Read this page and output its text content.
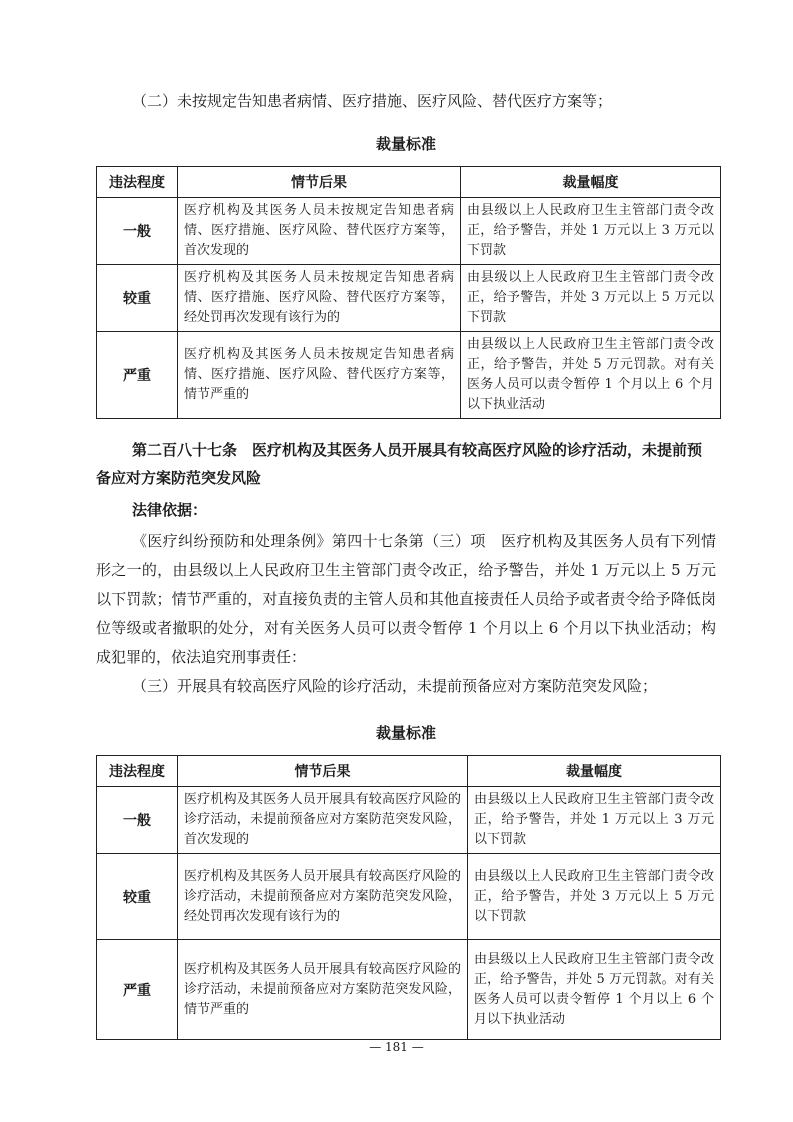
（二）未按规定告知患者病情、医疗措施、医疗风险、替代医疗方案等；
裁量标准
违法程度	情节后果	裁量幅度
一般	医疗机构及其医务人员未按规定告知患者病情、医疗措施、医疗风险、替代医疗方案等，首次发现的	由县级以上人民政府卫生主管部门责令改正，给予警告，并处 1 万元以上 3 万元以下罚款
较重	医疗机构及其医务人员未按规定告知患者病情、医疗措施、医疗风险、替代医疗方案等，经处罚再次发现有该行为的	由县级以上人民政府卫生主管部门责令改正，给予警告，并处 3 万元以上 5 万元以下罚款
严重	医疗机构及其医务人员未按规定告知患者病情、医疗措施、医疗风险、替代医疗方案等，情节严重的	由县级以上人民政府卫生主管部门责令改正，给予警告，并处 5 万元罚款。对有关医务人员可以责令暂停 1 个月以上 6 个月以下执业活动
第二百八十七条　医疗机构及其医务人员开展具有较高医疗风险的诊疗活动，未提前预备应对方案防范突发风险
法律依据：
《医疗纠纷预防和处理条例》第四十七条第（三）项　医疗机构及其医务人员有下列情形之一的，由县级以上人民政府卫生主管部门责令改正，给予警告，并处 1 万元以上 5 万元以下罚款；情节严重的，对直接负责的主管人员和其他直接责任人员给予或者责令给予降低岗位等级或者撤职的处分，对有关医务人员可以责令暂停 1 个月以上 6 个月以下执业活动；构成犯罪的，依法追究刑事责任：
（三）开展具有较高医疗风险的诊疗活动，未提前预备应对方案防范突发风险；
裁量标准
违法程度	情节后果	裁量幅度
一般	医疗机构及其医务人员开展具有较高医疗风险的诊疗活动，未提前预备应对方案防范突发风险，首次发现的	由县级以上人民政府卫生主管部门责令改正，给予警告，并处 1 万元以上 3 万元以下罚款
较重	医疗机构及其医务人员开展具有较高医疗风险的诊疗活动，未提前预备应对方案防范突发风险，经处罚再次发现有该行为的	由县级以上人民政府卫生主管部门责令改正，给予警告，并处 3 万元以上 5 万元以下罚款
严重	医疗机构及其医务人员开展具有较高医疗风险的诊疗活动，未提前预备应对方案防范突发风险，情节严重的	由县级以上人民政府卫生主管部门责令改正，给予警告，并处 5 万元罚款。对有关医务人员可以责令暂停 1 个月以上 6 个月以下执业活动
— 181 —
